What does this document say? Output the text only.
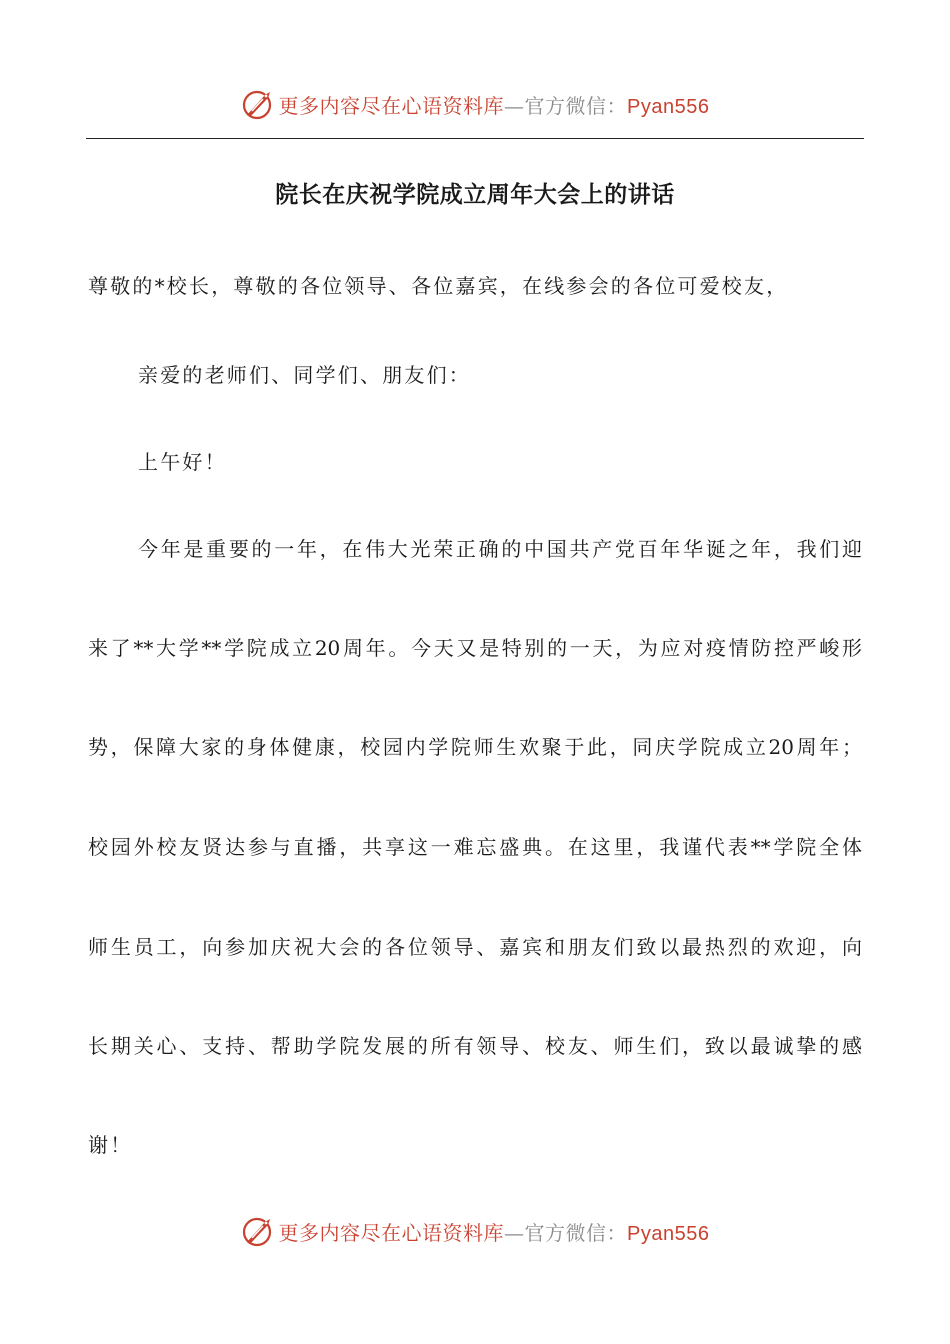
更多内容尽在心语资料库—官方微信：Pyan556
院长在庆祝学院成立周年大会上的讲话
尊敬的*校长，尊敬的各位领导、各位嘉宾，在线参会的各位可爱校友，
亲爱的老师们、同学们、朋友们：
上午好！
今年是重要的一年，在伟大光荣正确的中国共产党百年华诞之年，我们迎
来了**大学**学院成立20周年。今天又是特别的一天，为应对疫情防控严峻形
势，保障大家的身体健康，校园内学院师生欢聚于此，同庆学院成立20周年；
校园外校友贤达参与直播，共享这一难忘盛典。在这里，我谨代表**学院全体
师生员工，向参加庆祝大会的各位领导、嘉宾和朋友们致以最热烈的欢迎，向
长期关心、支持、帮助学院发展的所有领导、校友、师生们，致以最诚挚的感
谢！
更多内容尽在心语资料库—官方微信：Pyan556
